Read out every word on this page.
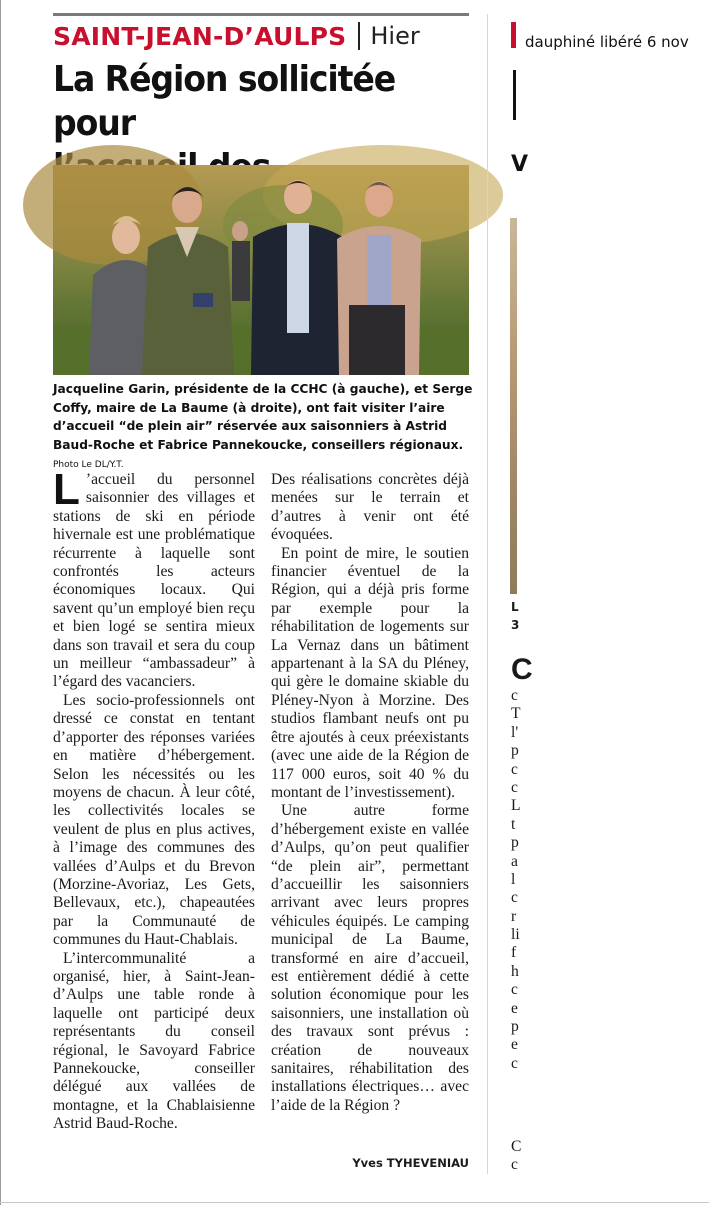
SAINT-JEAN-D’AULPS Hier
La Région sollicitée pour

Jacqueline Garin, présidente de la CCHC (à gauche), et Serge Coffy, maire de La Baume (à droite), ont fait visiter l’aire d’accueil “de plein air” réservée aux saisonniers à Astrid Baud-Roche et Fabrice Pannekoucke, conseillers régionaux. Photo Le DL/Y.T.

L ’accueil du personnel saisonnier des villages et stations de ski en période hivernale est une problématique récurrente à laquelle sont confrontés les acteurs économiques locaux. Qui savent qu’un employé bien reçu et bien logé se sentira mieux dans son travail et sera du coup un meilleur “ambassadeur” à l’égard des vacanciers.

Les socio-professionnels ont dressé ce constat en tentant d’apporter des réponses variées en matière d’hébergement. Selon les nécessités ou les moyens de chacun. À leur côté, les collectivités locales se veulent de plus en plus actives, à l’image des communes des vallées d’Aulps et du Brevon (Morzine-Avoriaz, Les Gets, Bellevaux, etc.), chapeautées par la Communauté de communes du Haut-Chablais.

L’intercommunalité a organisé, hier, à Saint-Jean-d’Aulps une table ronde à laquelle ont participé deux représentants du conseil régional, le Savoyard Fabrice Pannekoucke, conseiller délégué aux vallées de montagne, et la Chablaisienne Astrid Baud-Roche.

Des réalisations concrètes déjà menées sur le terrain et d’autres à venir ont été évoquées.

En point de mire, le soutien financier éventuel de la Région, qui a déjà pris forme par exemple pour la réhabilitation de logements sur La Vernaz dans un bâtiment appartenant à la SA du Pléney, qui gère le domaine skiable du Pléney-Nyon à Morzine. Des studios flambant neufs ont pu être ajoutés à ceux préexistants (avec une aide de la Région de 117 000 euros, soit 40 % du montant de l’investissement).

Une autre forme d’hébergement existe en vallée d’Aulps, qu’on peut qualifier “de plein air”, permettant d’accueillir les saisonniers arrivant avec leurs propres véhicules équipés. Le camping municipal de La Baume, transformé en aire d’accueil, est entièrement dédié à cette solution économique pour les saisonniers, une installation où des travaux sont prévus : création de nouveaux sanitaires, réhabilitation des installations électriques… avec l’aide de la Région ?

Yves TYHEVENIAU
V
L
3
C
c
T
l'
p
c
c
L
t
p
a
l
c
r
li
f
h
c
e
p
e
c
C
c
dauphiné libéré 6 nov
